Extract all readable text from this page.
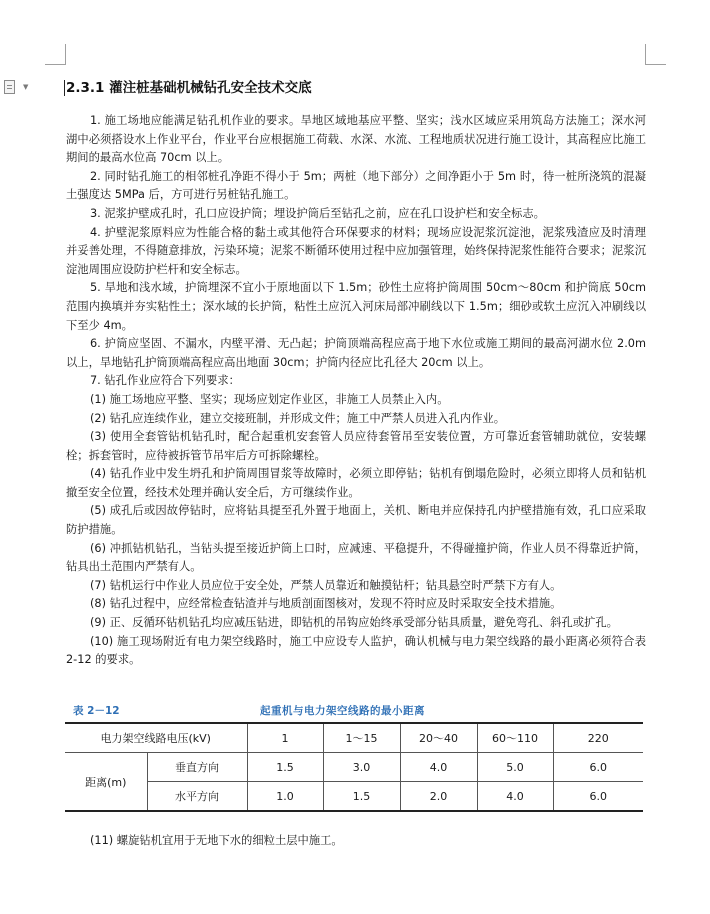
▼	2.3.1 灌注桩基础机械钻孔安全技术交底

1. 施工场地应能满足钻孔机作业的要求。旱地区域地基应平整、坚实；浅水区域应采用筑岛方法施工；深水河湖中必须搭设水上作业平台，作业平台应根据施工荷载、水深、水流、工程地质状况进行施工设计，其高程应比施工期间的最高水位高 70cm 以上。

2. 同时钻孔施工的相邻桩孔净距不得小于 5m；两桩（地下部分）之间净距小于 5m 时，待一桩所浇筑的混凝土强度达 5MPa 后，方可进行另桩钻孔施工。

3. 泥浆护壁成孔时，孔口应设护筒；埋设护筒后至钻孔之前，应在孔口设护栏和安全标志。

4. 护壁泥浆原料应为性能合格的黏土或其他符合环保要求的材料；现场应设泥浆沉淀池，泥浆残渣应及时清理并妥善处理，不得随意排放，污染环境；泥浆不断循环使用过程中应加强管理，始终保持泥浆性能符合要求；泥浆沉淀池周围应设防护栏杆和安全标志。

5. 旱地和浅水域，护筒埋深不宜小于原地面以下 1.5m；砂性土应将护筒周围 50cm～80cm 和护筒底 50cm 范围内换填并夯实粘性土；深水域的长护筒，粘性土应沉入河床局部冲刷线以下 1.5m；细砂或软土应沉入冲刷线以下至少 4m。

6. 护筒应坚固、不漏水，内壁平滑、无凸起；护筒顶端高程应高于地下水位或施工期间的最高河湖水位 2.0m 以上，旱地钻孔护筒顶端高程应高出地面 30cm；护筒内径应比孔径大 20cm 以上。

7. 钻孔作业应符合下列要求：

(1) 施工场地应平整、坚实；现场应划定作业区，非施工人员禁止入内。

(2) 钻孔应连续作业，建立交接班制，并形成文件；施工中严禁人员进入孔内作业。

(3) 使用全套管钻机钻孔时，配合起重机安套管人员应待套管吊至安装位置，方可靠近套管辅助就位，安装螺栓；拆套管时，应待被拆管节吊牢后方可拆除螺栓。

(4) 钻孔作业中发生坍孔和护筒周围冒浆等故障时，必须立即停钻；钻机有倒塌危险时，必须立即将人员和钻机撤至安全位置，经技术处理并确认安全后，方可继续作业。

(5) 成孔后或因故停钻时，应将钻具提至孔外置于地面上，关机、断电并应保持孔内护壁措施有效，孔口应采取防护措施。

(6) 冲抓钻机钻孔，当钻头提至接近护筒上口时，应减速、平稳提升，不得碰撞护筒，作业人员不得靠近护筒，钻具出土范围内严禁有人。

(7) 钻机运行中作业人员应位于安全处，严禁人员靠近和触摸钻杆；钻具悬空时严禁下方有人。

(8) 钻孔过程中，应经常检查钻渣并与地质剖面图核对，发现不符时应及时采取安全技术措施。

(9) 正、反循环钻机钻孔均应减压钻进，即钻机的吊钩应始终承受部分钻具质量，避免弯孔、斜孔或扩孔。

(10) 施工现场附近有电力架空线路时，施工中应设专人监护，确认机械与电力架空线路的最小距离必须符合表 2-12 的要求。

表 2－12	起重机与电力架空线路的最小距离
电力架空线路电压(kV)		1	1～15	20～40	60～110	220
距离(m)	垂直方向	1.5	3.0	4.0	5.0	6.0
	水平方向	1.0	1.5	2.0	4.0	6.0
(11) 螺旋钻机宜用于无地下水的细粒土层中施工。
